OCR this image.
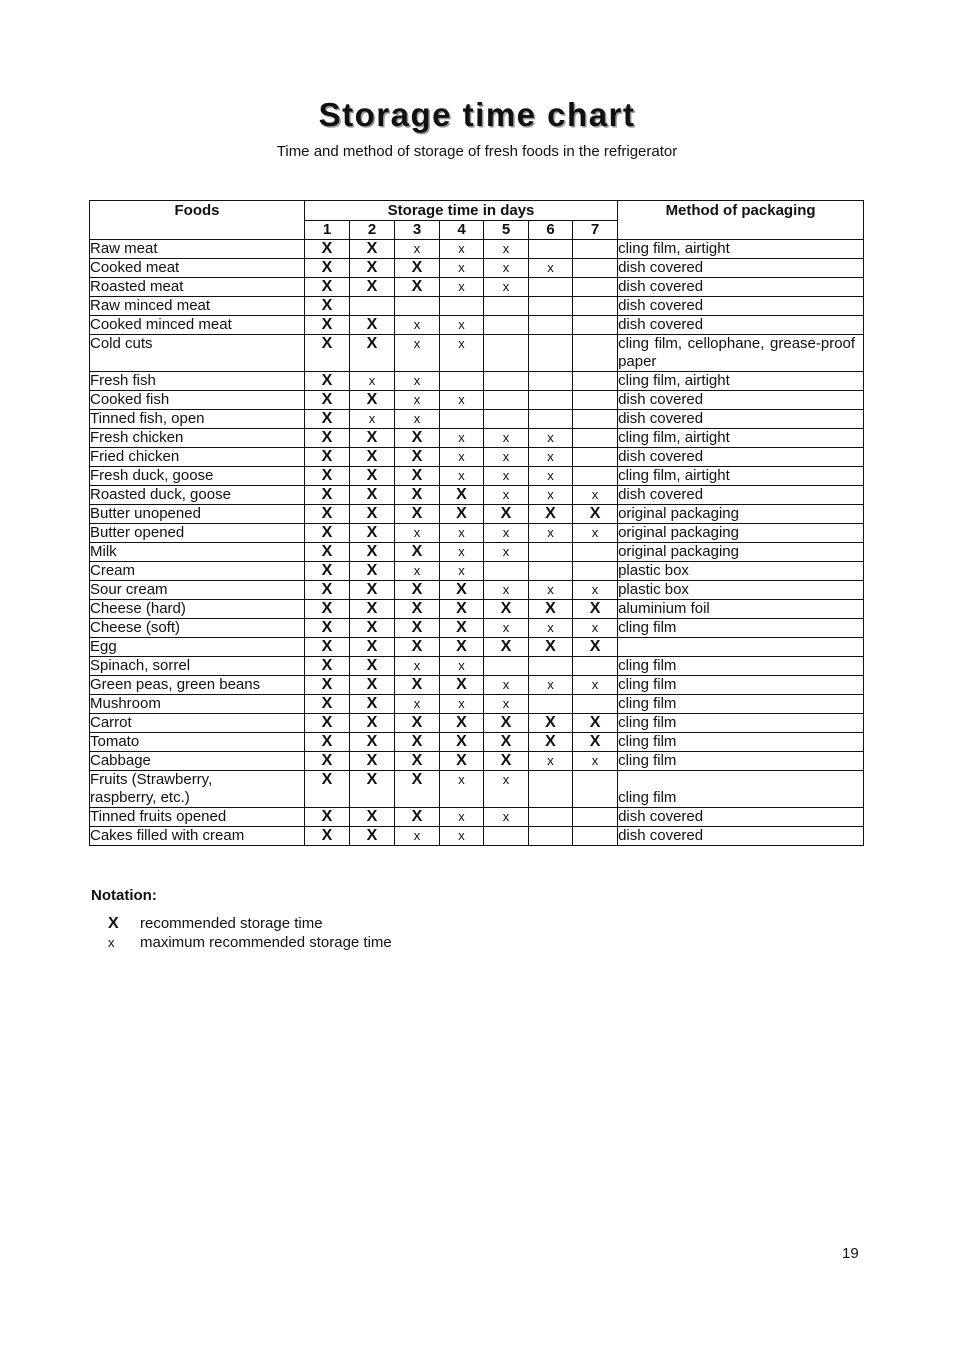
Storage time chart
Time and method of storage of fresh foods in the refrigerator
Foods	Storage time in days							Method of packaging
	1	2	3	4	5	6	7	
Raw meat	X	X	x	x	x			cling film, airtight
Cooked meat	X	X	X	x	x	x		dish covered
Roasted meat	X	X	X	x	x			dish covered
Raw minced meat	X							dish covered
Cooked minced meat	X	X	x	x				dish covered
Cold cuts	X	X	x	x				cling film, cellophane, grease-proof paper
Fresh fish	X	x	x					cling film, airtight
Cooked fish	X	X	x	x				dish covered
Tinned fish, open	X	x	x					dish covered
Fresh chicken	X	X	X	x	x	x		cling film, airtight
Fried chicken	X	X	X	x	x	x		dish covered
Fresh duck, goose	X	X	X	x	x	x		cling film, airtight
Roasted duck, goose	X	X	X	X	x	x	x	dish covered
Butter unopened	X	X	X	X	X	X	X	original packaging
Butter opened	X	X	x	x	x	x	x	original packaging
Milk	X	X	X	x	x			original packaging
Cream	X	X	x	x				plastic box
Sour cream	X	X	X	X	x	x	x	plastic box
Cheese (hard)	X	X	X	X	X	X	X	aluminium foil
Cheese (soft)	X	X	X	X	x	x	x	cling film
Egg	X	X	X	X	X	X	X	
Spinach, sorrel	X	X	x	x				cling film
Green peas, green beans	X	X	X	X	x	x	x	cling film
Mushroom	X	X	x	x	x			cling film
Carrot	X	X	X	X	X	X	X	cling film
Tomato	X	X	X	X	X	X	X	cling film
Cabbage	X	X	X	X	X	x	x	cling film
Fruits (Strawberry, raspberry, etc.)	X	X	X	x	x			cling film
Tinned fruits opened	X	X	X	x	x			dish covered
Cakes filled with cream	X	X	x	x				dish covered
Notation:
X recommended storage time
x maximum recommended storage time
19
